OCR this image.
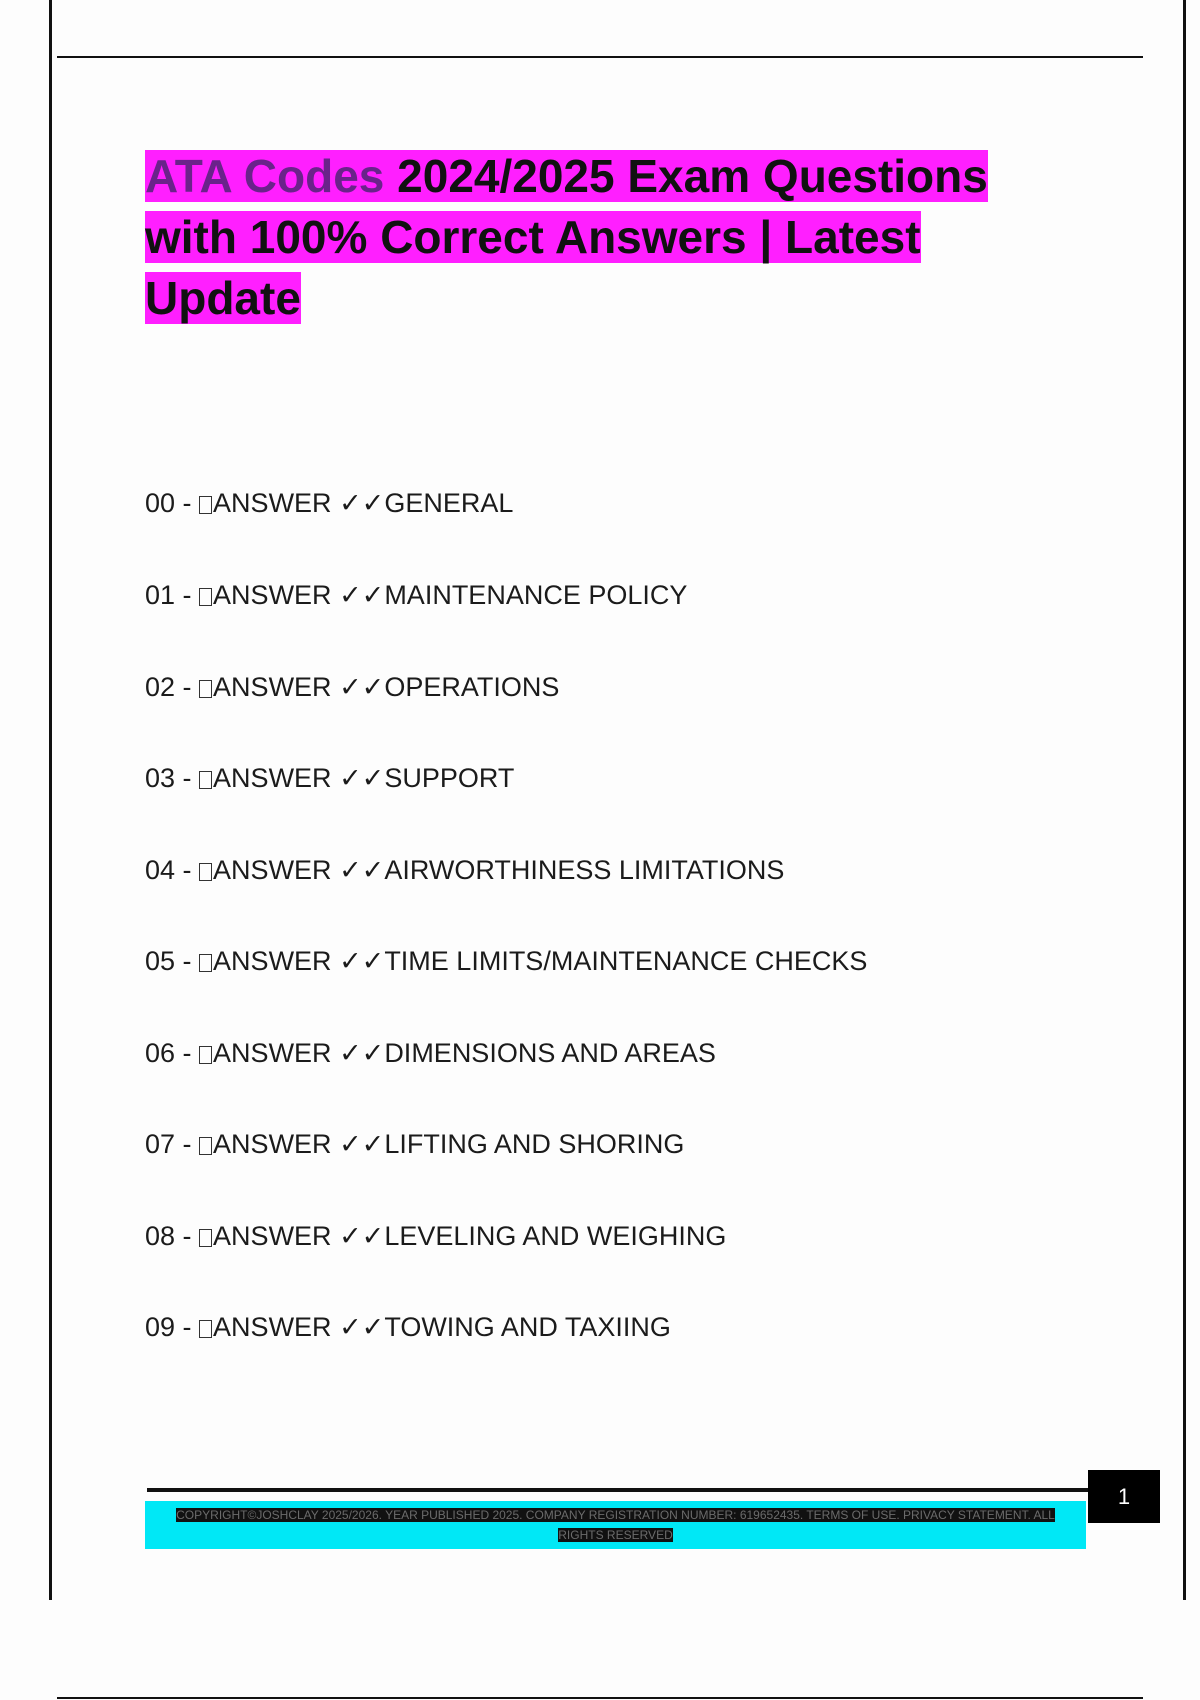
ATA Codes 2024/2025 Exam Questions with 100% Correct Answers | Latest Update
00 - ANSWER ✓✓GENERAL
01 - ANSWER ✓✓MAINTENANCE POLICY
02 - ANSWER ✓✓OPERATIONS
03 - ANSWER ✓✓SUPPORT
04 - ANSWER ✓✓AIRWORTHINESS LIMITATIONS
05 - ANSWER ✓✓TIME LIMITS/MAINTENANCE CHECKS
06 - ANSWER ✓✓DIMENSIONS AND AREAS
07 - ANSWER ✓✓LIFTING AND SHORING
08 - ANSWER ✓✓LEVELING AND WEIGHING
09 - ANSWER ✓✓TOWING AND TAXIING
1
COPYRIGHT©JOSHCLAY 2025/2026. YEAR PUBLISHED 2025. COMPANY REGISTRATION NUMBER: 619652435. TERMS OF USE. PRIVACY STATEMENT. ALL RIGHTS RESERVED
